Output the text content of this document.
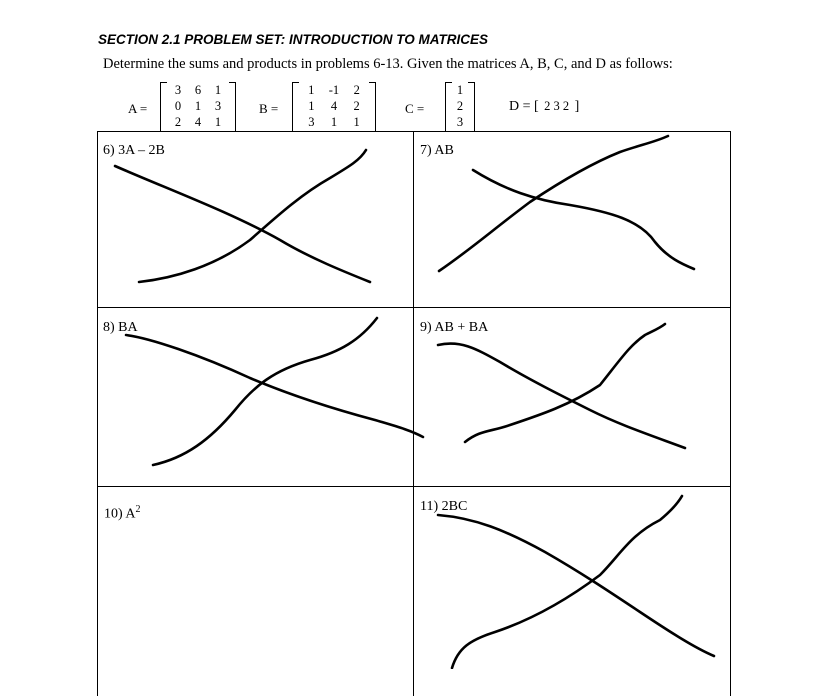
SECTION 2.1 PROBLEM SET: INTRODUCTION TO MATRICES
Determine the sums and products in problems 6-13. Given the matrices A, B, C, and D as follows:
A =
3 6 1
0 1 3
2 4 1
B =
1 -1 2
1 4 2
3 1 1
C =
1
2
3
D = [ 2 3 2 ]
6) 3A – 2B	7) AB
8) BA	9) AB + BA
10) $A^2$	11) 2BC
